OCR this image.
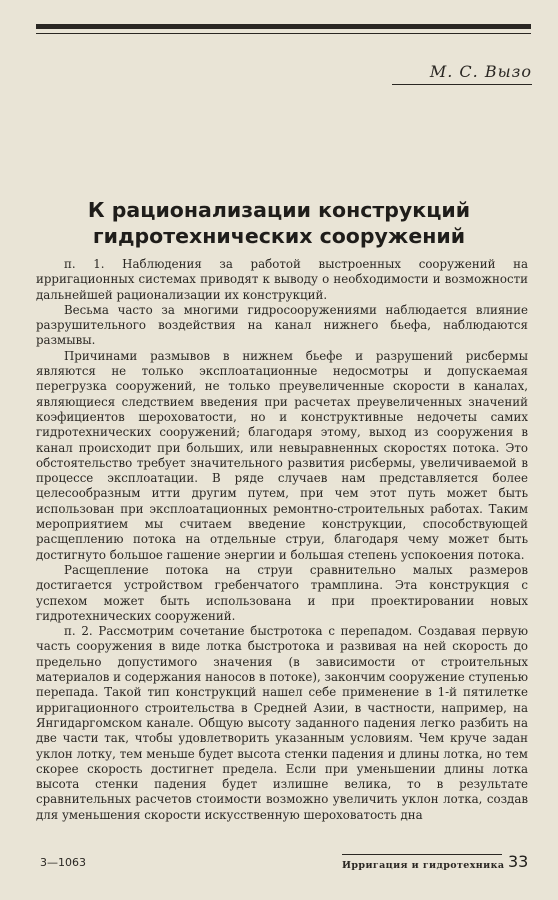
М. С. Вызо
К рационализации конструкций гидротехнических сооружений

п. 1. Наблюдения за работой выстроенных сооружений на ирригационных системах приводят к выводу о необходимости и возможности дальнейшей рационализации их конструкций.

Весьма часто за многими гидросооружениями наблюдается влияние разрушительного воздействия на канал нижнего бьефа, наблюдаются размывы.

Причинами размывов в нижнем бьефе и разрушений рисбермы являются не только эксплоатационные недосмотры и допускаемая перегрузка сооружений, не только преувеличенные скорости в каналах, являющиеся следствием введения при расчетах преувеличенных значений коэфициентов шероховатости, но и конструктивные недочеты самих гидротехнических сооружений; благодаря этому, выход из сооружения в канал происходит при больших, или невыравненных скоростях потока. Это обстоятельство требует значительного развития рисбермы, увеличиваемой в процессе эксплоатации. В ряде случаев нам представляется более целесообразным итти другим путем, при чем этот путь может быть использован при эксплоатационных ремонтно-строительных работах. Таким мероприятием мы считаем введение конструкции, способствующей расщеплению потока на отдельные струи, благодаря чему может быть достигнуто большое гашение энергии и большая степень успокоения потока.

Расщепление потока на струи сравнительно малых размеров достигается устройством гребенчатого трамплина. Эта конструкция с успехом может быть использована и при проектировании новых гидротехнических сооружений.

п. 2. Рассмотрим сочетание быстротока с перепадом. Создавая первую часть сооружения в виде лотка быстротока и развивая на ней скорость до предельно допустимого значения (в зависимости от строительных материалов и содержания наносов в потоке), закончим сооружение ступенью перепада. Такой тип конструкций нашел себе применение в 1-й пятилетке ирригационного строительства в Средней Азии, в частности, например, на Янгидаргомском канале. Общую высоту заданного падения легко разбить на две части так, чтобы удовлетворить указанным условиям. Чем круче задан уклон лотку, тем меньше будет высота стенки падения и длины лотка, но тем скорее скорость достигнет предела. Если при уменьшении длины лотка высота стенки падения будет излишне велика, то в результате сравнительных расчетов стоимости возможно увеличить уклон лотка, создав для уменьшения скорости искусственную шероховатость дна

3—1063	Ирригация и гидротехника 33
